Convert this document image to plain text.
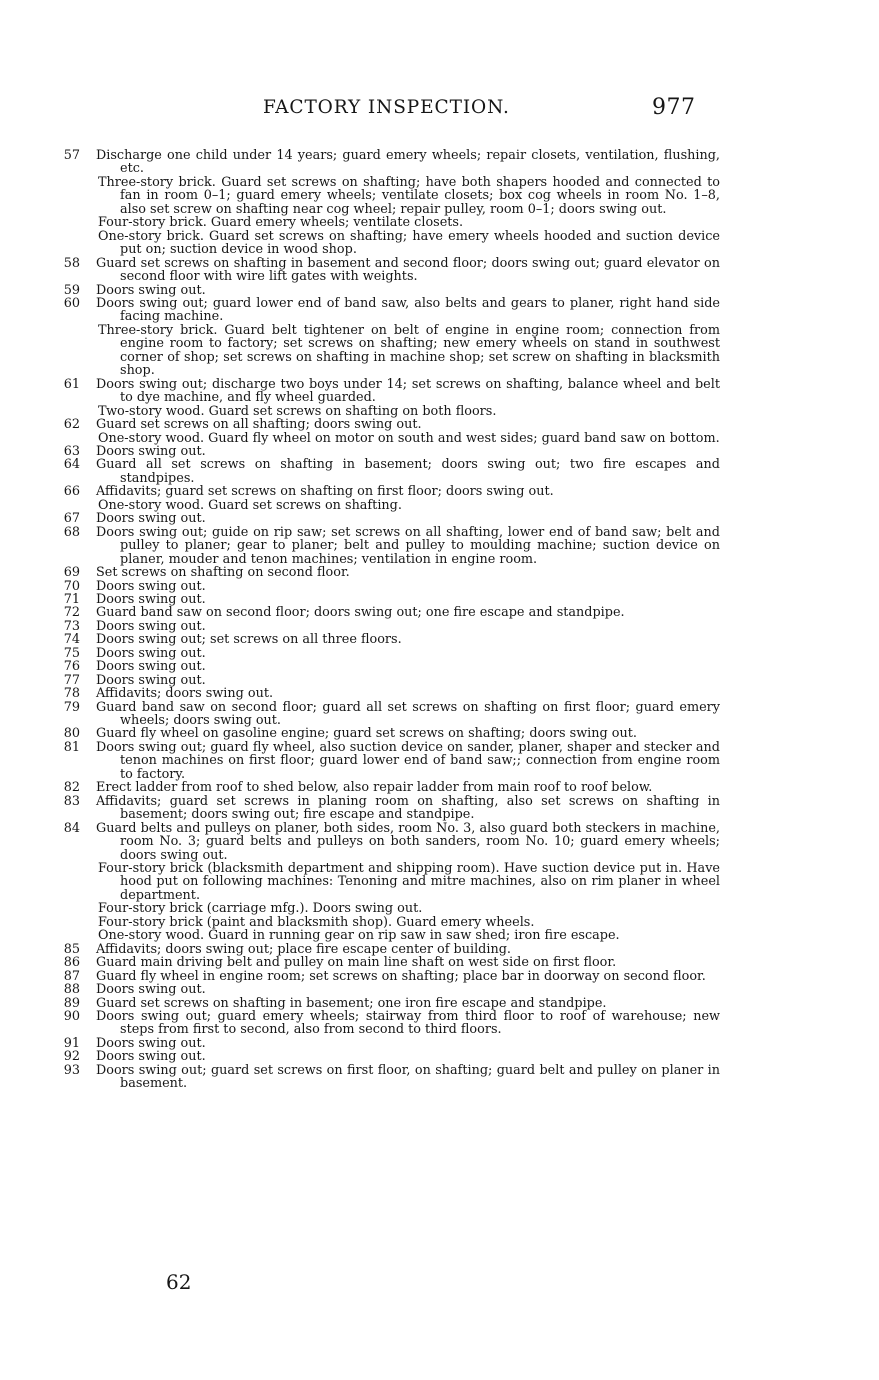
FACTORY INSPECTION.	977
57 Discharge one child under 14 years; guard emery wheels; repair closets, ventilation, flushing, etc.
Three-story brick. Guard set screws on shafting; have both shapers hooded and connected to fan in room 0–1; guard emery wheels; ventilate closets; box cog wheels in room No. 1–8, also set screw on shafting near cog wheel; repair pulley, room 0–1; doors swing out.
Four-story brick. Guard emery wheels; ventilate closets.
One-story brick. Guard set screws on shafting; have emery wheels hooded and suction device put on; suction device in wood shop.
58 Guard set screws on shafting in basement and second floor; doors swing out; guard elevator on second floor with wire lift gates with weights.
59 Doors swing out.
60 Doors swing out; guard lower end of band saw, also belts and gears to planer, right hand side facing machine.
Three-story brick. Guard belt tightener on belt of engine in engine room; connection from engine room to factory; set screws on shafting; new emery wheels on stand in southwest corner of shop; set screws on shafting in machine shop; set screw on shafting in blacksmith shop.
61 Doors swing out; discharge two boys under 14; set screws on shafting, balance wheel and belt to dye machine, and fly wheel guarded.
Two-story wood. Guard set screws on shafting on both floors.
62 Guard set screws on all shafting; doors swing out.
One-story wood. Guard fly wheel on motor on south and west sides; guard band saw on bottom.
63 Doors swing out.
64 Guard all set screws on shafting in basement; doors swing out; two fire escapes and standpipes.
66 Affidavits; guard set screws on shafting on first floor; doors swing out.
One-story wood. Guard set screws on shafting.
67 Doors swing out.
68 Doors swing out; guide on rip saw; set screws on all shafting, lower end of band saw; belt and pulley to planer; gear to planer; belt and pulley to moulding machine; suction device on planer, mouder and tenon machines; ventilation in engine room.
69 Set screws on shafting on second floor.
70 Doors swing out.
71 Doors swing out.
72 Guard band saw on second floor; doors swing out; one fire escape and standpipe.
73 Doors swing out.
74 Doors swing out; set screws on all three floors.
75 Doors swing out.
76 Doors swing out.
77 Doors swing out.
78 Affidavits; doors swing out.
79 Guard band saw on second floor; guard all set screws on shafting on first floor; guard emery wheels; doors swing out.
80 Guard fly wheel on gasoline engine; guard set screws on shafting; doors swing out.
81 Doors swing out; guard fly wheel, also suction device on sander, planer, shaper and stecker and tenon machines on first floor; guard lower end of band saw;; connection from engine room to factory.
82 Erect ladder from roof to shed below, also repair ladder from main roof to roof below.
83 Affidavits; guard set screws in planing room on shafting, also set screws on shafting in basement; doors swing out; fire escape and standpipe.
84 Guard belts and pulleys on planer, both sides, room No. 3, also guard both steckers in machine, room No. 3; guard belts and pulleys on both sanders, room No. 10; guard emery wheels; doors swing out.
Four-story brick (blacksmith department and shipping room). Have suction device put in. Have hood put on following machines: Tenoning and mitre machines, also on rim planer in wheel department.
Four-story brick (carriage mfg.). Doors swing out.
Four-story brick (paint and blacksmith shop). Guard emery wheels.
One-story wood. Guard in running gear on rip saw in saw shed; iron fire escape.
85 Affidavits; doors swing out; place fire escape center of building.
86 Guard main driving belt and pulley on main line shaft on west side on first floor.
87 Guard fly wheel in engine room; set screws on shafting; place bar in doorway on second floor.
88 Doors swing out.
89 Guard set screws on shafting in basement; one iron fire escape and standpipe.
90 Doors swing out; guard emery wheels; stairway from third floor to roof of warehouse; new steps from first to second, also from second to third floors.
91 Doors swing out.
92 Doors swing out.
93 Doors swing out; guard set screws on first floor, on shafting; guard belt and pulley on planer in basement.
62
